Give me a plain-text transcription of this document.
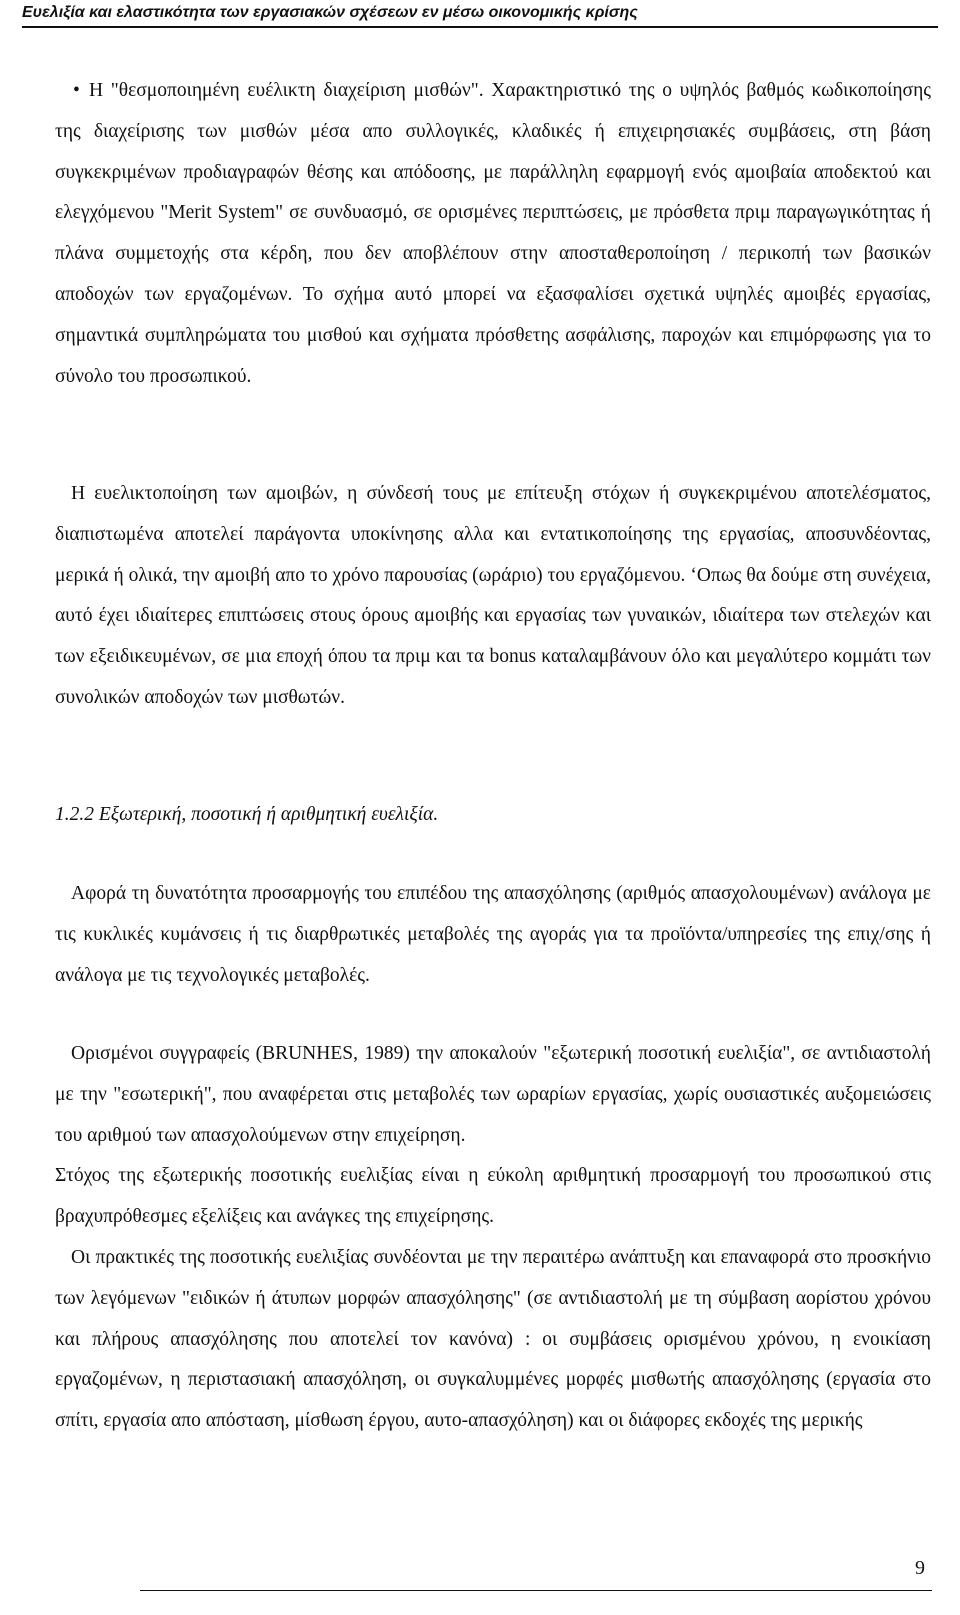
Ευελιξία και ελαστικότητα των εργασιακών σχέσεων εν μέσω οικονομικής κρίσης
• Η "θεσμοποιημένη ευέλικτη διαχείριση μισθών". Χαρακτηριστικό της ο υψηλός βαθμός κωδικοποίησης της διαχείρισης των μισθών μέσα απο συλλογικές, κλαδικές ή επιχειρησιακές συμβάσεις, στη βάση συγκεκριμένων προδιαγραφών θέσης και απόδοσης, με παράλληλη εφαρμογή ενός αμοιβαία αποδεκτού και ελεγχόμενου "Merit System" σε συνδυασμό, σε ορισμένες περιπτώσεις, με πρόσθετα πριμ παραγωγικότητας ή πλάνα συμμετοχής στα κέρδη, που δεν αποβλέπουν στην αποσταθεροποίηση / περικοπή των βασικών αποδοχών των εργαζομένων. Το σχήμα αυτό μπορεί να εξασφαλίσει σχετικά υψηλές αμοιβές εργασίας, σημαντικά συμπληρώματα του μισθού και σχήματα πρόσθετης ασφάλισης, παροχών και επιμόρφωσης για το σύνολο του προσωπικού.

Η ευελικτοποίηση των αμοιβών, η σύνδεσή τους με επίτευξη στόχων ή συγκεκριμένου αποτελέσματος, διαπιστωμένα αποτελεί παράγοντα υποκίνησης αλλα και εντατικοποίησης της εργασίας, αποσυνδέοντας, μερικά ή ολικά, την αμοιβή απο το χρόνο παρουσίας (ωράριο) του εργαζόμενου. ‘Οπως θα δούμε στη συνέχεια, αυτό έχει ιδιαίτερες επιπτώσεις στους όρους αμοιβής και εργασίας των γυναικών, ιδιαίτερα των στελεχών και των εξειδικευμένων, σε μια εποχή όπου τα πριμ και τα bonus καταλαμβάνουν όλο και μεγαλύτερο κομμάτι των συνολικών αποδοχών των μισθωτών.

1.2.2 Εξωτερική, ποσοτική ή αριθμητική ευελιξία.

Αφορά τη δυνατότητα προσαρμογής του επιπέδου της απασχόλησης (αριθμός απασχολουμένων) ανάλογα με τις κυκλικές κυμάνσεις ή τις διαρθρωτικές μεταβολές της αγοράς για τα προϊόντα/υπηρεσίες της επιχ/σης ή ανάλογα με τις τεχνολογικές μεταβολές.

Ορισμένοι συγγραφείς (BRUNHES, 1989) την αποκαλούν "εξωτερική ποσοτική ευελιξία", σε αντιδιαστολή με την "εσωτερική", που αναφέρεται στις μεταβολές των ωραρίων εργασίας, χωρίς ουσιαστικές αυξομειώσεις του αριθμού των απασχολούμενων στην επιχείρηση.

Στόχος της εξωτερικής ποσοτικής ευελιξίας είναι η εύκολη αριθμητική προσαρμογή του προσωπικού στις βραχυπρόθεσμες εξελίξεις και ανάγκες της επιχείρησης.

Οι πρακτικές της ποσοτικής ευελιξίας συνδέονται με την περαιτέρω ανάπτυξη και επαναφορά στο προσκήνιο των λεγόμενων "ειδικών ή άτυπων μορφών απασχόλησης" (σε αντιδιαστολή με τη σύμβαση αορίστου χρόνου και πλήρους απασχόλησης που αποτελεί τον κανόνα) : οι συμβάσεις ορισμένου χρόνου, η ενοικίαση εργαζομένων, η περιστασιακή απασχόληση, οι συγκαλυμμένες μορφές μισθωτής απασχόλησης (εργασία στο σπίτι, εργασία απο απόσταση, μίσθωση έργου, αυτο-απασχόληση) και οι διάφορες εκδοχές της μερικής

9
